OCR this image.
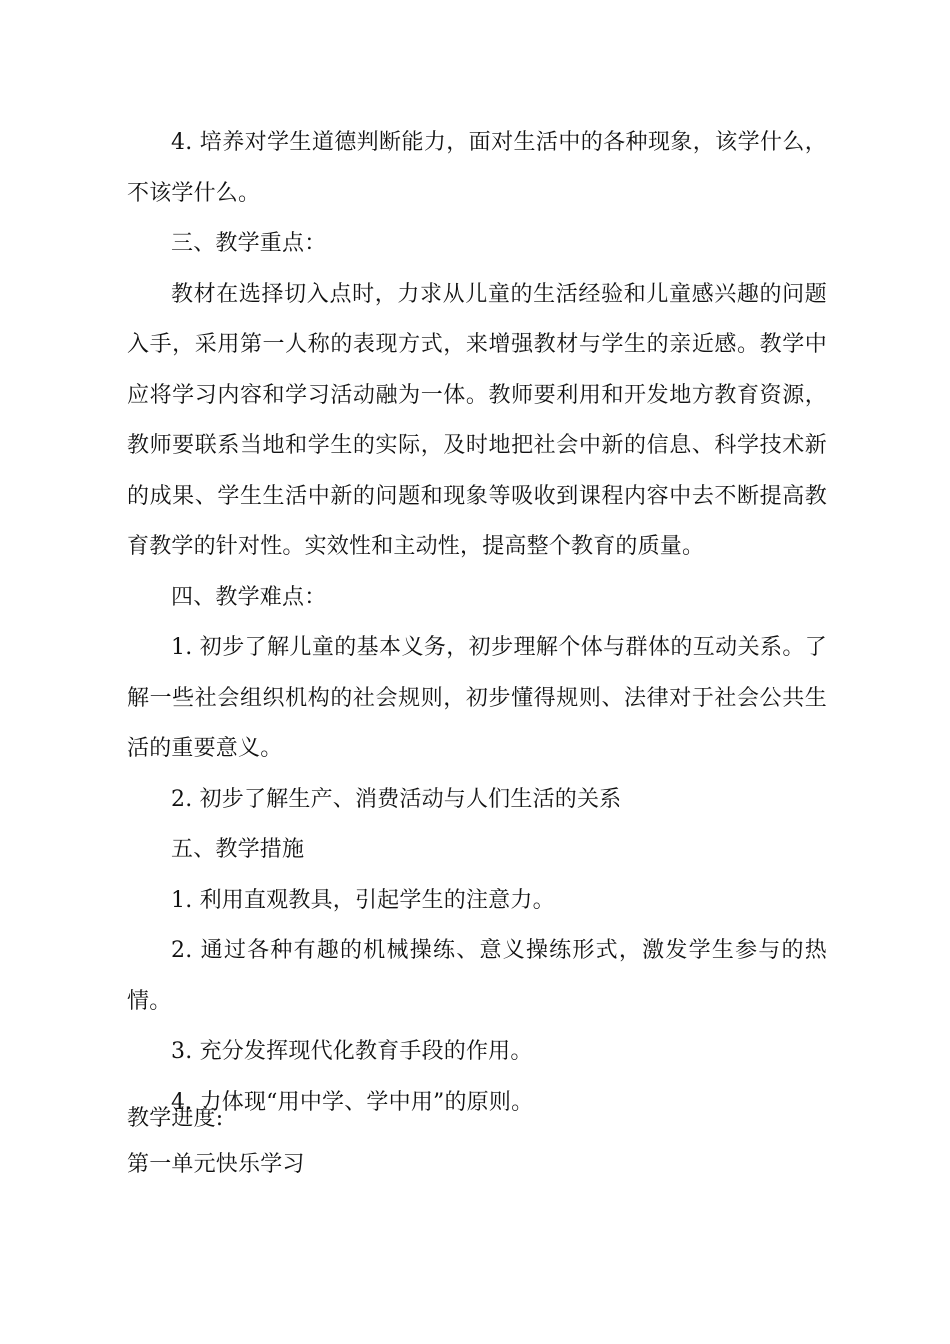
4. 培养对学生道德判断能力，面对生活中的各种现象，该学什么，不该学什么。

三、教学重点：

教材在选择切入点时，力求从儿童的生活经验和儿童感兴趣的问题入手，采用第一人称的表现方式，来增强教材与学生的亲近感。教学中应将学习内容和学习活动融为一体。教师要利用和开发地方教育资源，教师要联系当地和学生的实际，及时地把社会中新的信息、科学技术新的成果、学生生活中新的问题和现象等吸收到课程内容中去不断提高教育教学的针对性。实效性和主动性，提高整个教育的质量。

四、教学难点：

1. 初步了解儿童的基本义务，初步理解个体与群体的互动关系。了解一些社会组织机构的社会规则，初步懂得规则、法律对于社会公共生活的重要意义。

2. 初步了解生产、消费活动与人们生活的关系

五、教学措施

1. 利用直观教具，引起学生的注意力。

2. 通过各种有趣的机械操练、意义操练形式，激发学生参与的热情。

3. 充分发挥现代化教育手段的作用。

4. 力体现“用中学、学中用”的原则。

教学进度:

第一单元快乐学习
